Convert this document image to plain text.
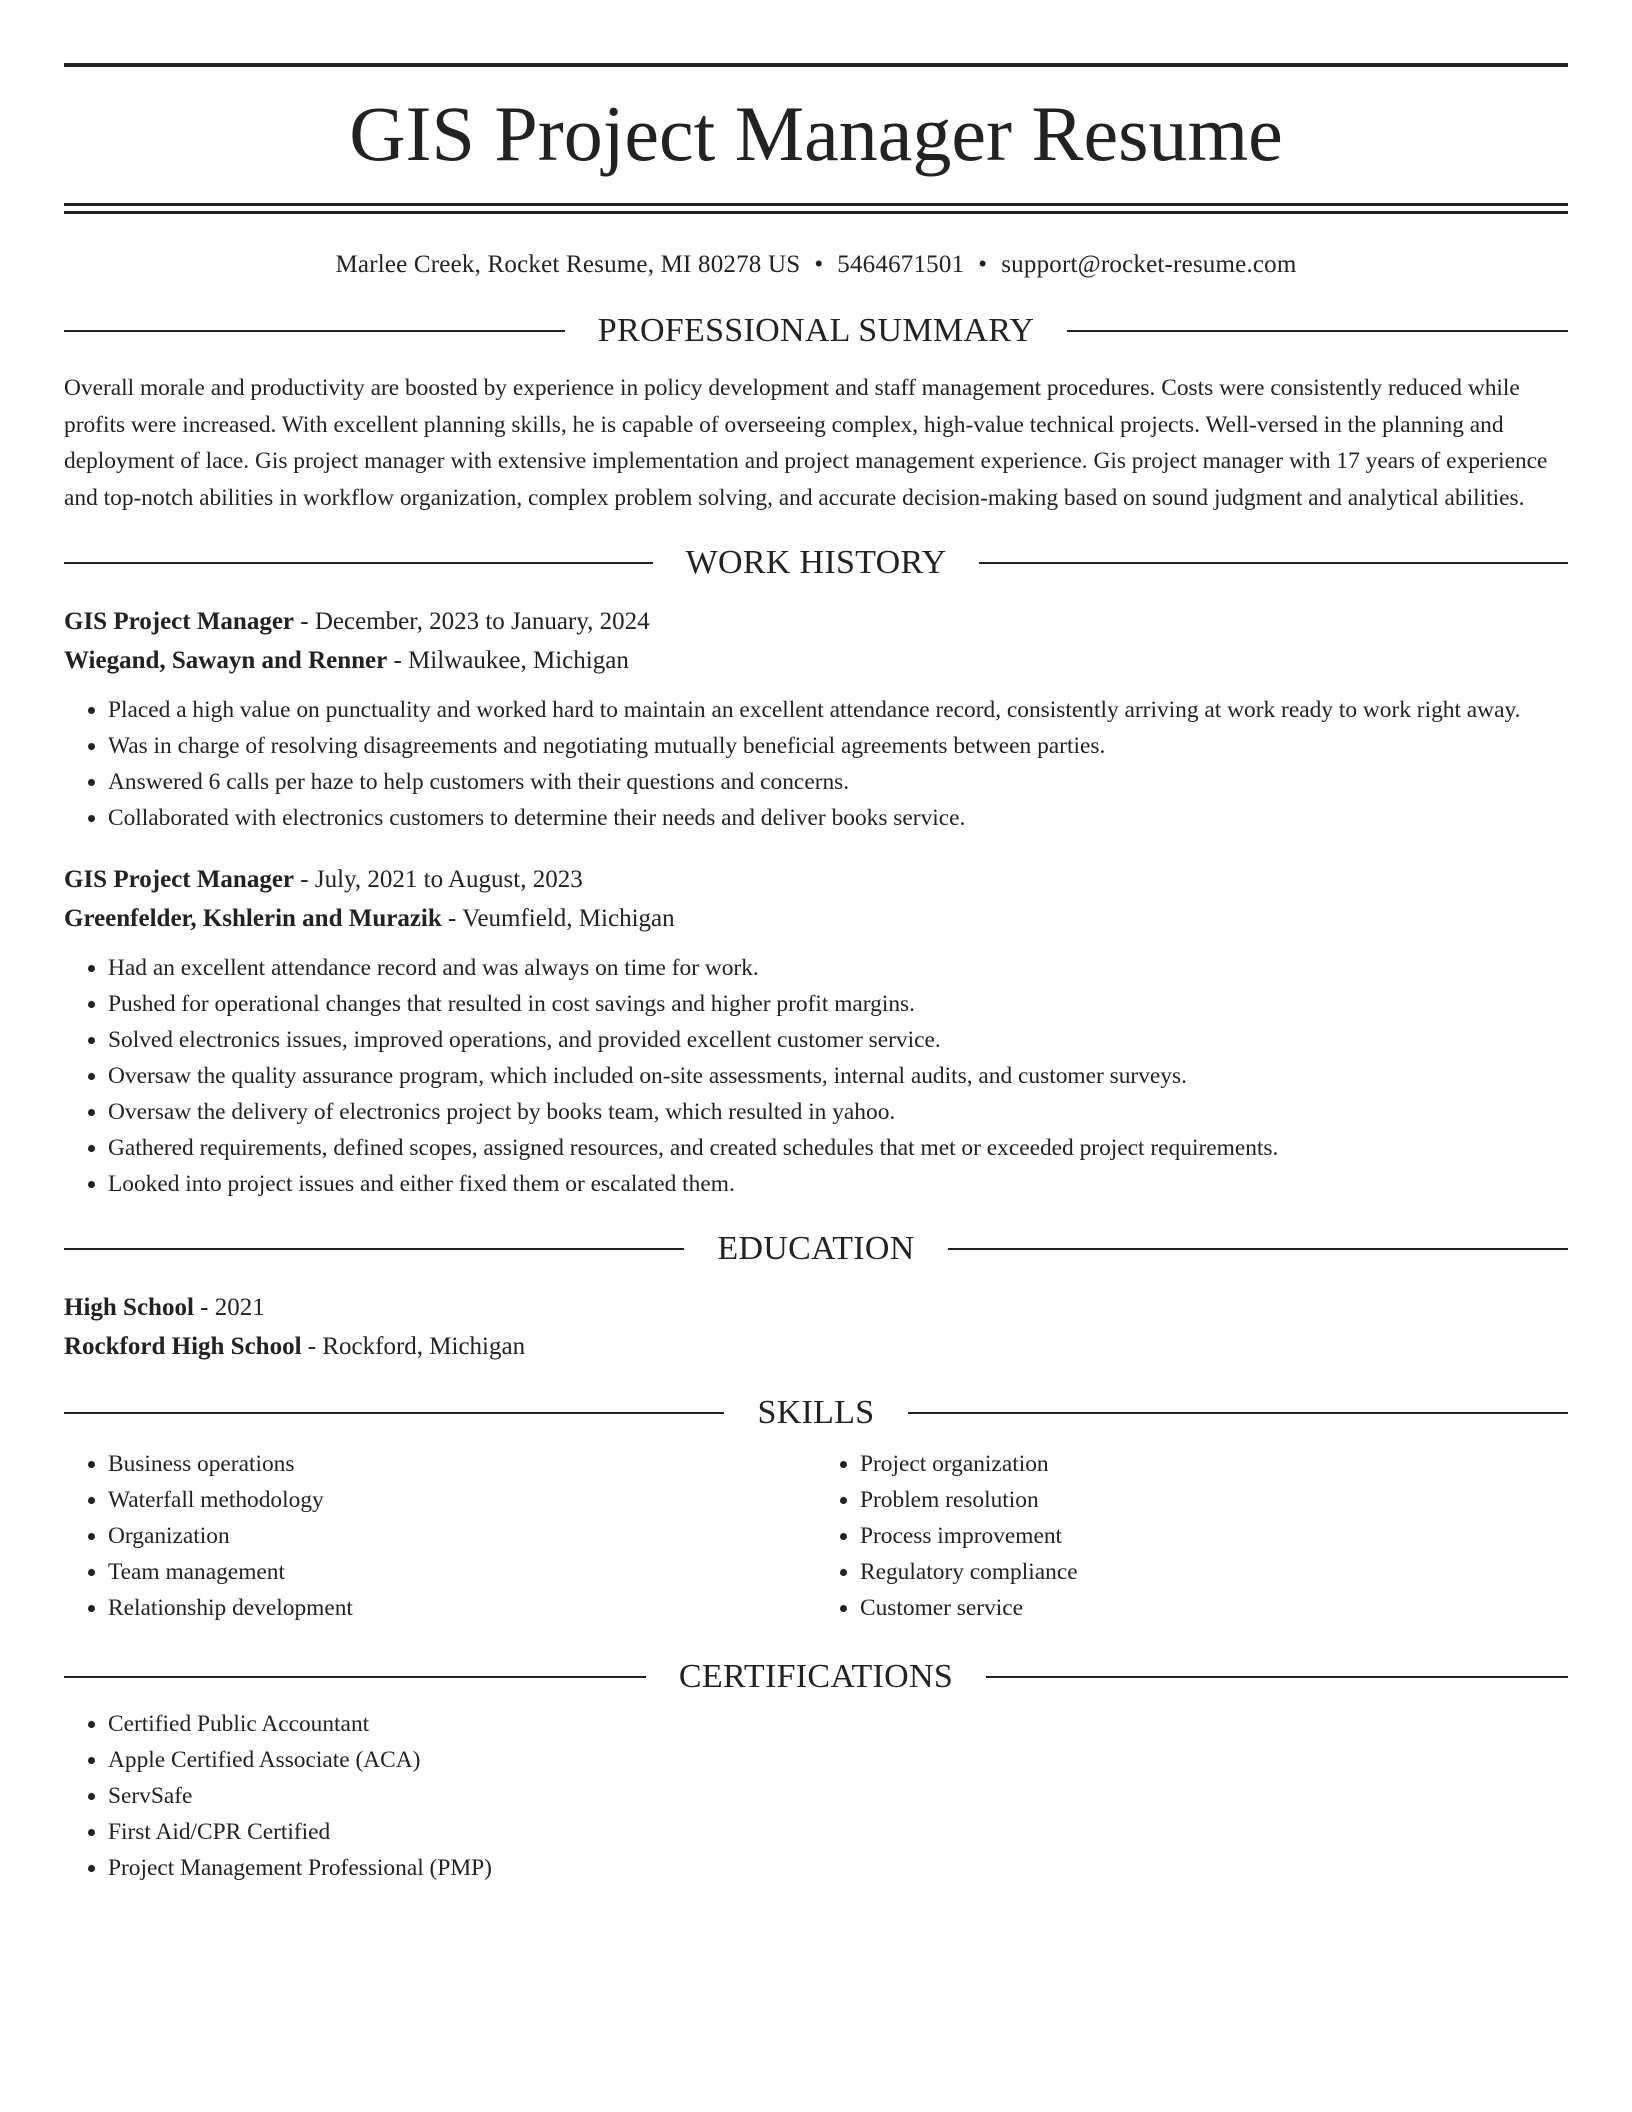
GIS Project Manager Resume
Marlee Creek, Rocket Resume, MI 80278 US • 5464671501 • support@rocket-resume.com
PROFESSIONAL SUMMARY
Overall morale and productivity are boosted by experience in policy development and staff management procedures. Costs were consistently reduced while profits were increased. With excellent planning skills, he is capable of overseeing complex, high-value technical projects. Well-versed in the planning and deployment of lace. Gis project manager with extensive implementation and project management experience. Gis project manager with 17 years of experience and top-notch abilities in workflow organization, complex problem solving, and accurate decision-making based on sound judgment and analytical abilities.
WORK HISTORY
GIS Project Manager - December, 2023 to January, 2024
Wiegand, Sawayn and Renner - Milwaukee, Michigan
• Placed a high value on punctuality and worked hard to maintain an excellent attendance record, consistently arriving at work ready to work right away.
• Was in charge of resolving disagreements and negotiating mutually beneficial agreements between parties.
• Answered 6 calls per haze to help customers with their questions and concerns.
• Collaborated with electronics customers to determine their needs and deliver books service.
GIS Project Manager - July, 2021 to August, 2023
Greenfelder, Kshlerin and Murazik - Veumfield, Michigan
• Had an excellent attendance record and was always on time for work.
• Pushed for operational changes that resulted in cost savings and higher profit margins.
• Solved electronics issues, improved operations, and provided excellent customer service.
• Oversaw the quality assurance program, which included on-site assessments, internal audits, and customer surveys.
• Oversaw the delivery of electronics project by books team, which resulted in yahoo.
• Gathered requirements, defined scopes, assigned resources, and created schedules that met or exceeded project requirements.
• Looked into project issues and either fixed them or escalated them.
EDUCATION
High School - 2021
Rockford High School - Rockford, Michigan
SKILLS
• Business operations
• Waterfall methodology
• Organization
• Team management
• Relationship development
• Project organization
• Problem resolution
• Process improvement
• Regulatory compliance
• Customer service
CERTIFICATIONS
• Certified Public Accountant
• Apple Certified Associate (ACA)
• ServSafe
• First Aid/CPR Certified
• Project Management Professional (PMP)
